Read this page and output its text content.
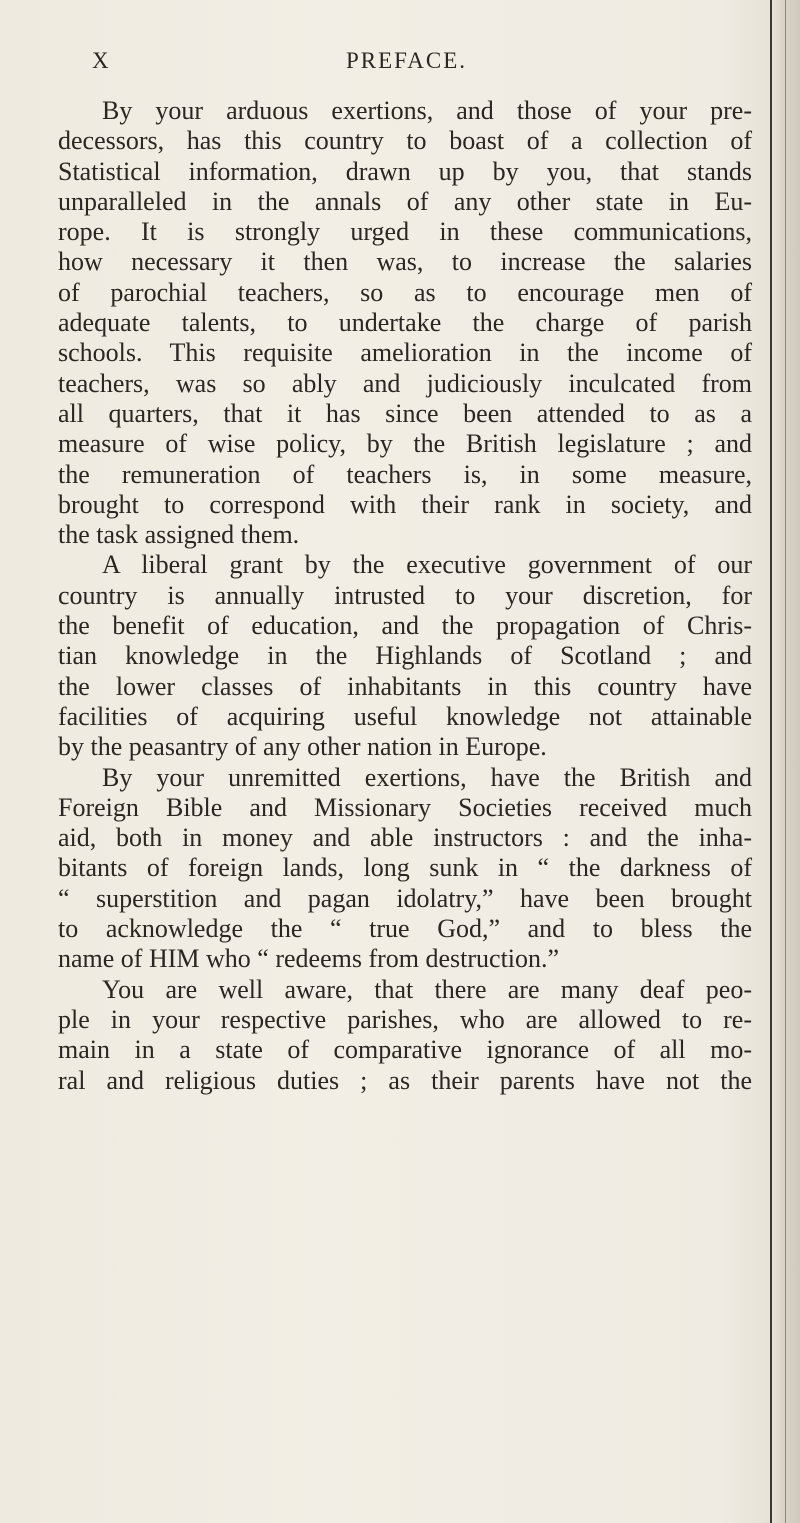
X	PREFACE.
By your arduous exertions, and those of your pre-
decessors, has this country to boast of a collection of
Statistical information, drawn up by you, that stands
unparalleled in the annals of any other state in Eu-
rope. It is strongly urged in these communications,
how necessary it then was, to increase the salaries
of parochial teachers, so as to encourage men of
adequate talents, to undertake the charge of parish
schools. This requisite amelioration in the income of
teachers, was so ably and judiciously inculcated from
all quarters, that it has since been attended to as a
measure of wise policy, by the British legislature ; and
the remuneration of teachers is, in some measure,
brought to correspond with their rank in society, and
the task assigned them.
A liberal grant by the executive government of our
country is annually intrusted to your discretion, for
the benefit of education, and the propagation of Chris-
tian knowledge in the Highlands of Scotland ; and
the lower classes of inhabitants in this country have
facilities of acquiring useful knowledge not attainable
by the peasantry of any other nation in Europe.
By your unremitted exertions, have the British and
Foreign Bible and Missionary Societies received much
aid, both in money and able instructors : and the inha-
bitants of foreign lands, long sunk in “ the darkness of
“ superstition and pagan idolatry,” have been brought
to acknowledge the “ true God,” and to bless the
name of HIM who “ redeems from destruction.”
You are well aware, that there are many deaf peo-
ple in your respective parishes, who are allowed to re-
main in a state of comparative ignorance of all mo-
ral and religious duties ; as their parents have not the
